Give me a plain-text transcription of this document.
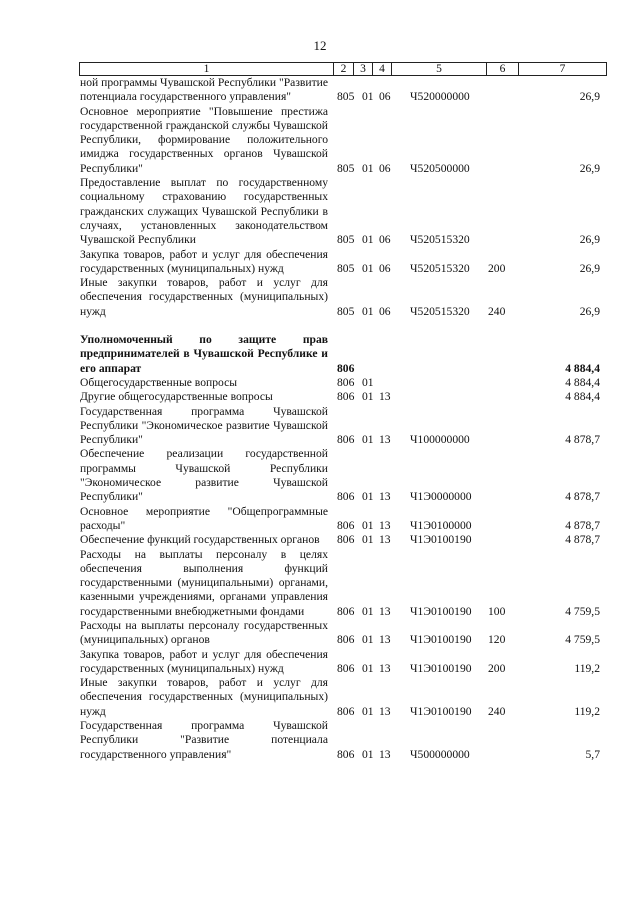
12
1	2	3	4	5	6	7
ной программы Чувашской Республики "Развитие потенциала государственного управления"	805 01 06 Ч520000000	26,9
Основное мероприятие "Повышение престижа государственной гражданской службы Чувашской Республики, формирование положительного имиджа государственных органов Чувашской Республики"	805 01 06 Ч520500000	26,9
Предоставление выплат по государственному социальному страхованию государственных гражданских служащих Чувашской Республики в случаях, установленных законодательством Чувашской Республики	805 01 06 Ч520515320	26,9
Закупка товаров, работ и услуг для обеспечения государственных (муниципальных) нужд	805 01 06 Ч520515320 200	26,9
Иные закупки товаров, работ и услуг для обеспечения государственных (муниципальных) нужд	805 01 06 Ч520515320 240	26,9
Уполномоченный по защите прав предпринимателей в Чувашской Республике и его аппарат	806	4 884,4
Общегосударственные вопросы	806 01	4 884,4
Другие общегосударственные вопросы	806 01 13	4 884,4
Государственная программа Чувашской Республики "Экономическое развитие Чувашской Республики"	806 01 13 Ч100000000	4 878,7
Обеспечение реализации государственной программы Чувашской Республики "Экономическое развитие Чувашской Республики"	806 01 13 Ч1Э0000000	4 878,7
Основное мероприятие "Общепрограммные расходы"	806 01 13 Ч1Э0100000	4 878,7
Обеспечение функций государственных органов	806 01 13 Ч1Э0100190	4 878,7
Расходы на выплаты персоналу в целях обеспечения выполнения функций государственными (муниципальными) органами, казенными учреждениями, органами управления государственными внебюджетными фондами	806 01 13 Ч1Э0100190 100	4 759,5
Расходы на выплаты персоналу государственных (муниципальных) органов	806 01 13 Ч1Э0100190 120	4 759,5
Закупка товаров, работ и услуг для обеспечения государственных (муниципальных) нужд	806 01 13 Ч1Э0100190 200	119,2
Иные закупки товаров, работ и услуг для обеспечения государственных (муниципальных) нужд	806 01 13 Ч1Э0100190 240	119,2
Государственная программа Чувашской Республики "Развитие потенциала государственного управления"	806 01 13 Ч500000000	5,7
